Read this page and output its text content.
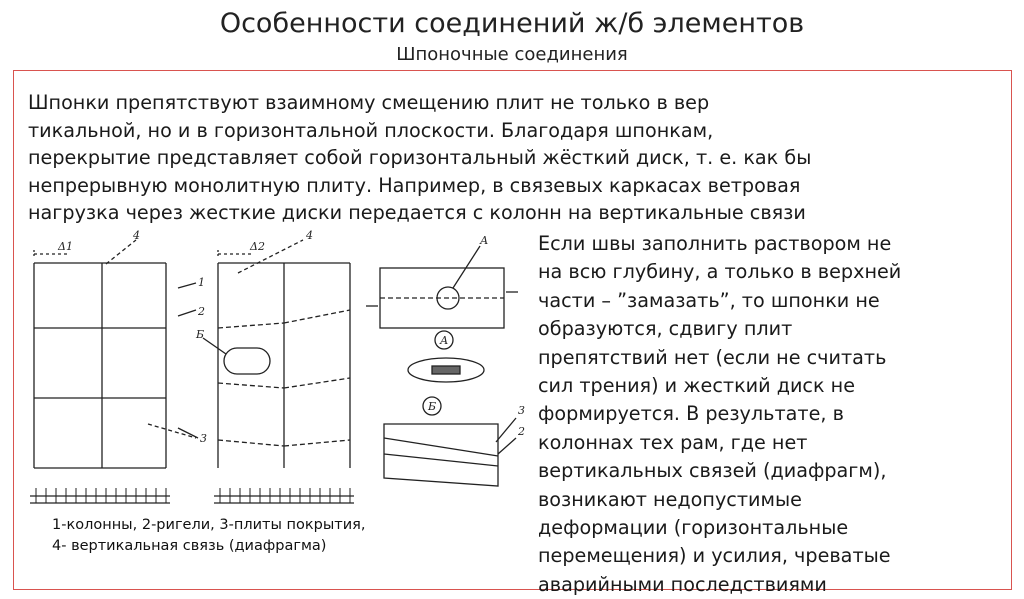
Особенности соединений ж/б элементов
Шпоночные соединения

Шпонки препятствуют взаимному смещению плит не только в вер
тикальной, но и в горизонтальной плоскости. Благодаря шпонкам,
перекрытие представляет собой горизонтальный жёсткий диск, т. е. как бы
непрерывную монолитную плиту. Например, в связевых каркасах ветровая
нагрузка через жесткие диски передается с колонн на вертикальные связи

Δ1
4
1
2
3
Δ2
4
Б
А
А
Б	3
2

Если швы заполнить раствором не
на всю глубину, а только в верхней
части – ”замазать”, то шпонки не
образуются, сдвигу плит
препятствий нет (если не считать
сил трения) и жесткий диск не
формируется. В результате, в
колоннах тех рам, где нет
вертикальных связей (диафрагм),
возникают недопустимые
деформации (горизонтальные
перемещения) и усилия, чреватые
аварийными последствиями

1-колонны, 2-ригели, 3-плиты покрытия,
4- вертикальная связь (диафрагма)
